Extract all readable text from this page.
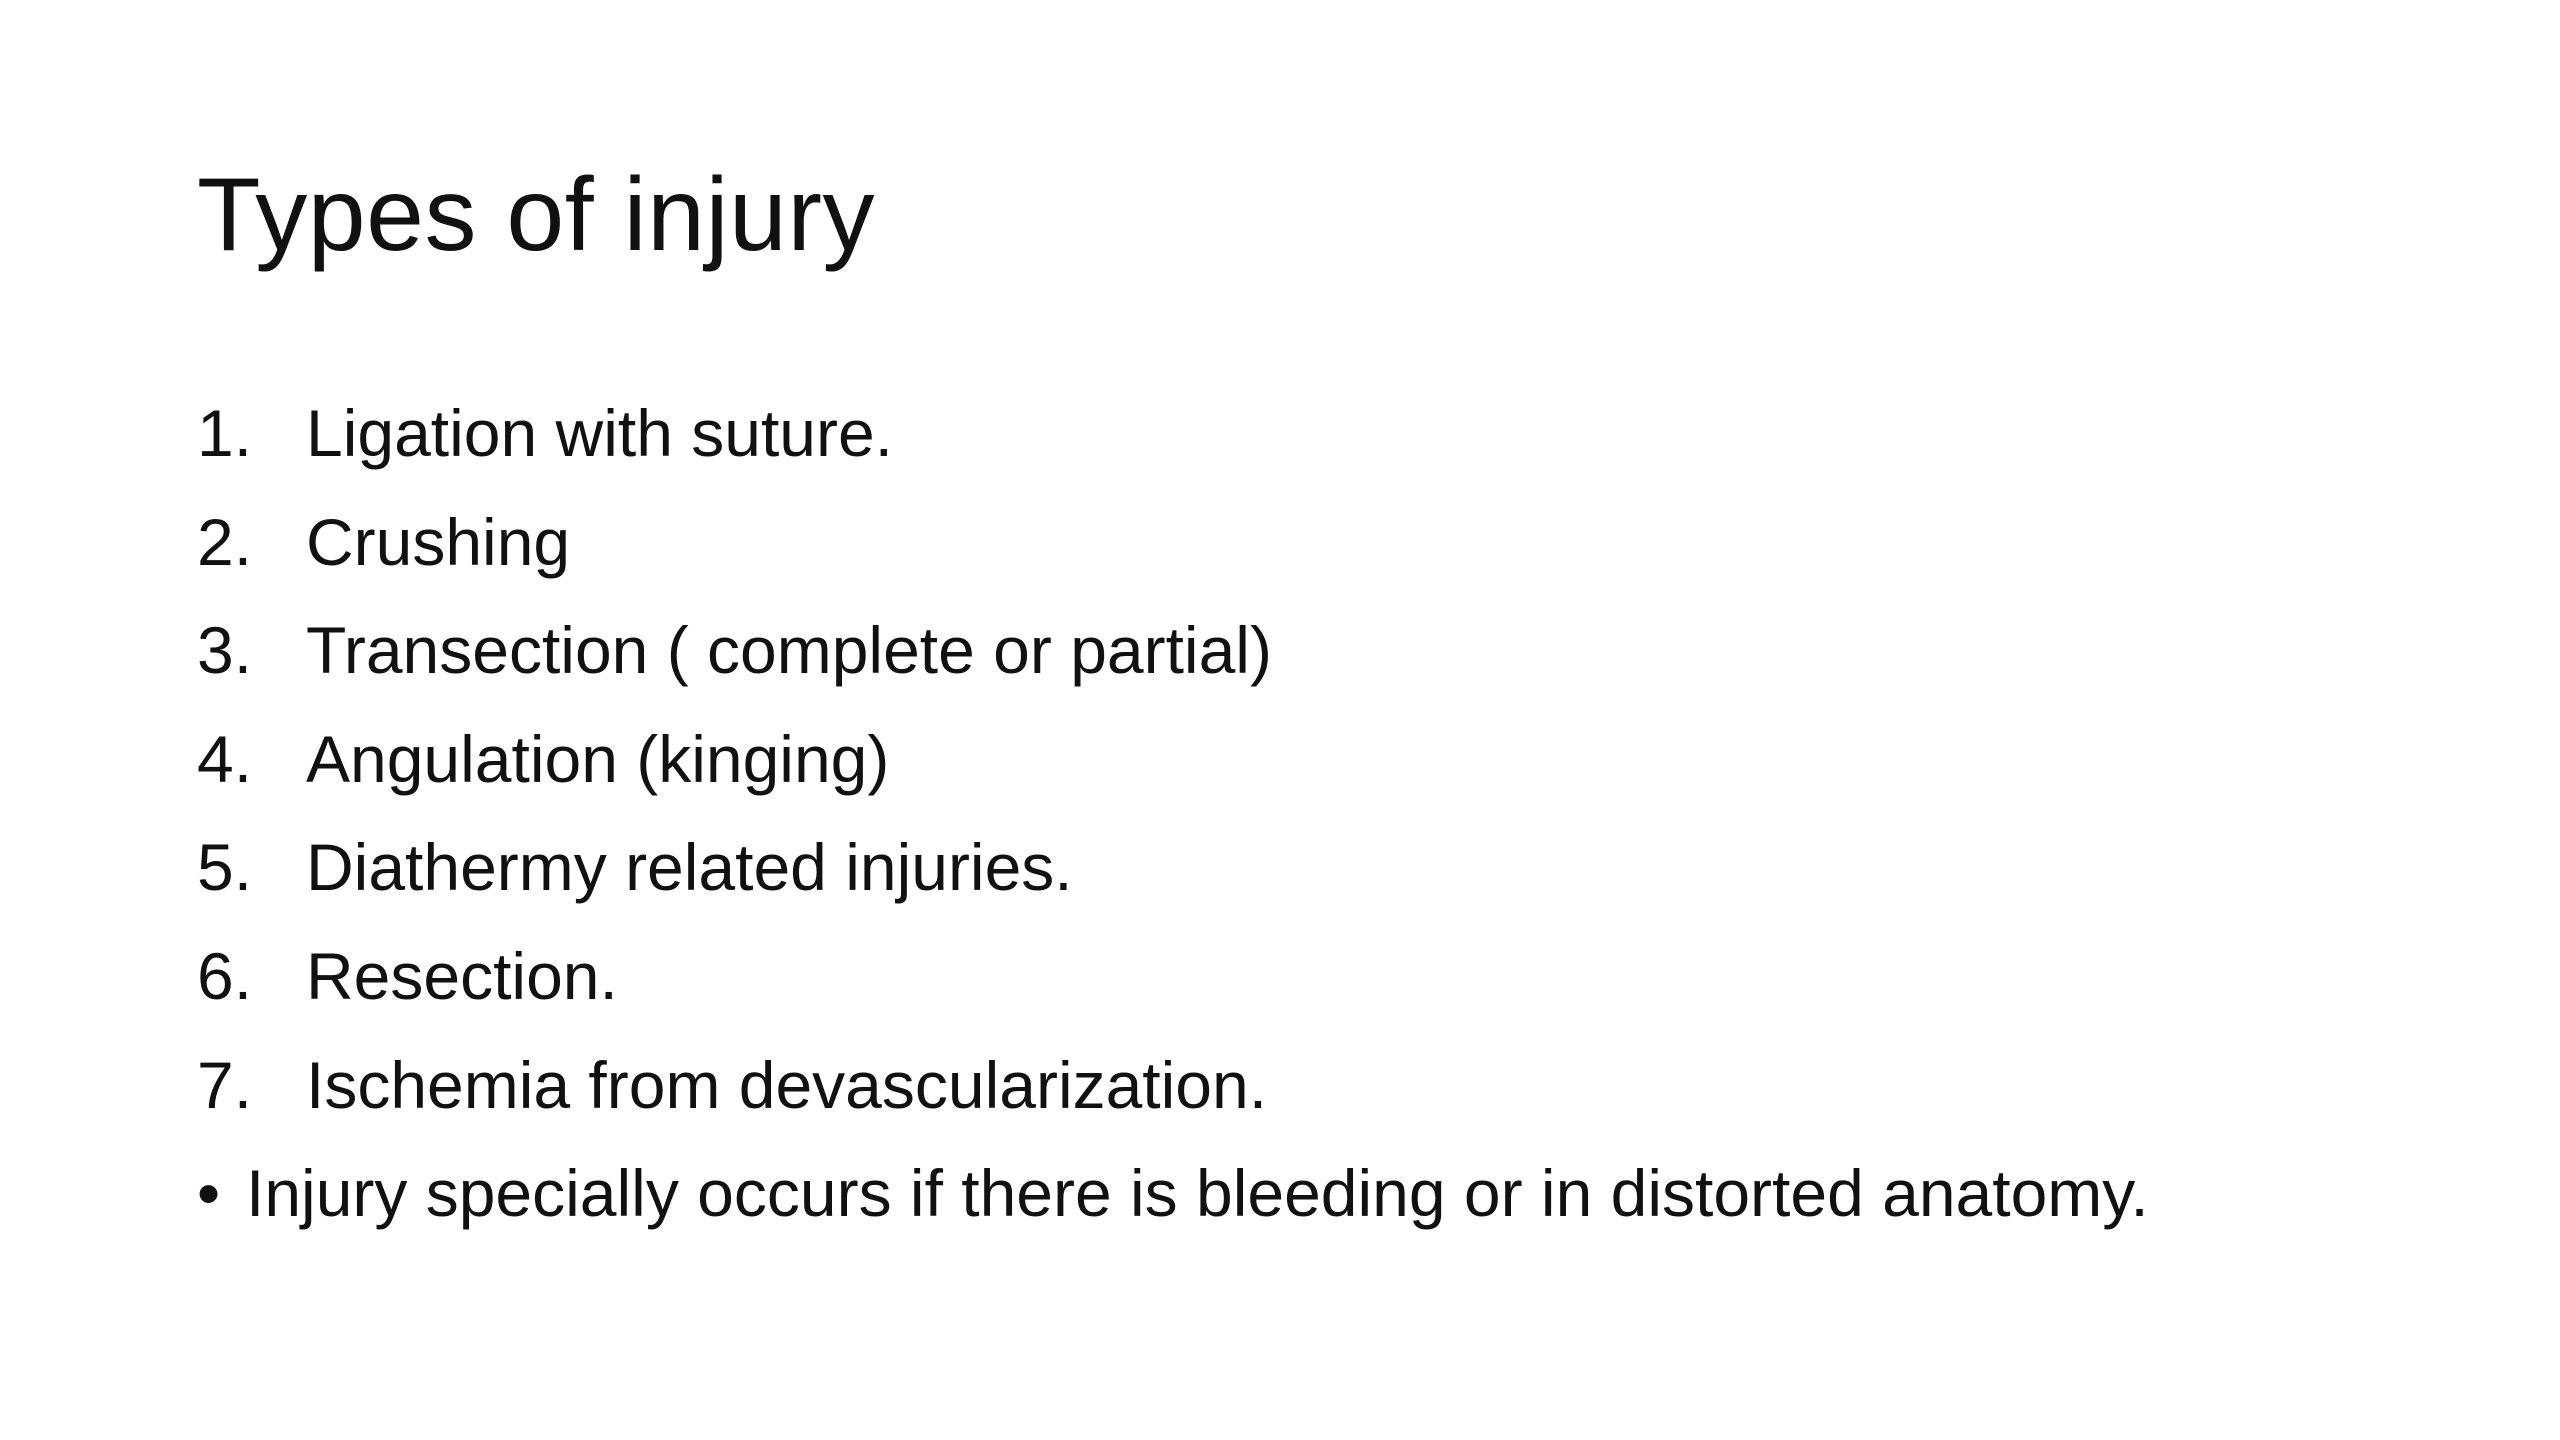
Types of injury
1. Ligation with suture.
2. Crushing
3. Transection ( complete or partial)
4. Angulation (kinging)
5. Diathermy related injuries.
6. Resection.
7. Ischemia from devascularization.
• Injury specially occurs if there is bleeding or in distorted anatomy.
